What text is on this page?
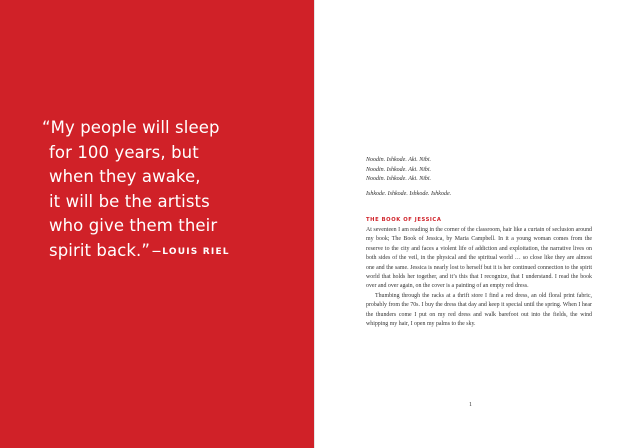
“My people will sleep
for 100 years, but
when they awake,
it will be the artists
who give them their
spirit back.” —LOUIS RIEL
Noodin. Ishkode. Aki. Nibi.
Noodin. Ishkode. Aki. Nibi.
Noodin. Ishkode. Aki. Nibi.
Ishkode. Ishkode. Ishkode. Ishkode.
THE BOOK OF JESSICA

At seventeen I am reading in the corner of the classroom, hair like a curtain of seclusion around my book; The Book of Jessica, by Maria Campbell. In it a young woman comes from the reserve to the city and faces a violent life of addiction and exploitation, the narrative lives on both sides of the veil, in the physical and the spiritual world … so close like they are almost one and the same. Jessica is nearly lost to herself but it is her continued connection to the spirit world that holds her together, and it’s this that I recognize, that I understand. I read the book over and over again, on the cover is a painting of an empty red dress.

Thumbing through the racks at a thrift store I find a red dress, an old floral print fabric, probably from the 70s. I buy the dress that day and keep it special until the spring. When I hear the thunders come I put on my red dress and walk barefoot out into the fields, the wind whipping my hair, I open my palms to the sky.

1
